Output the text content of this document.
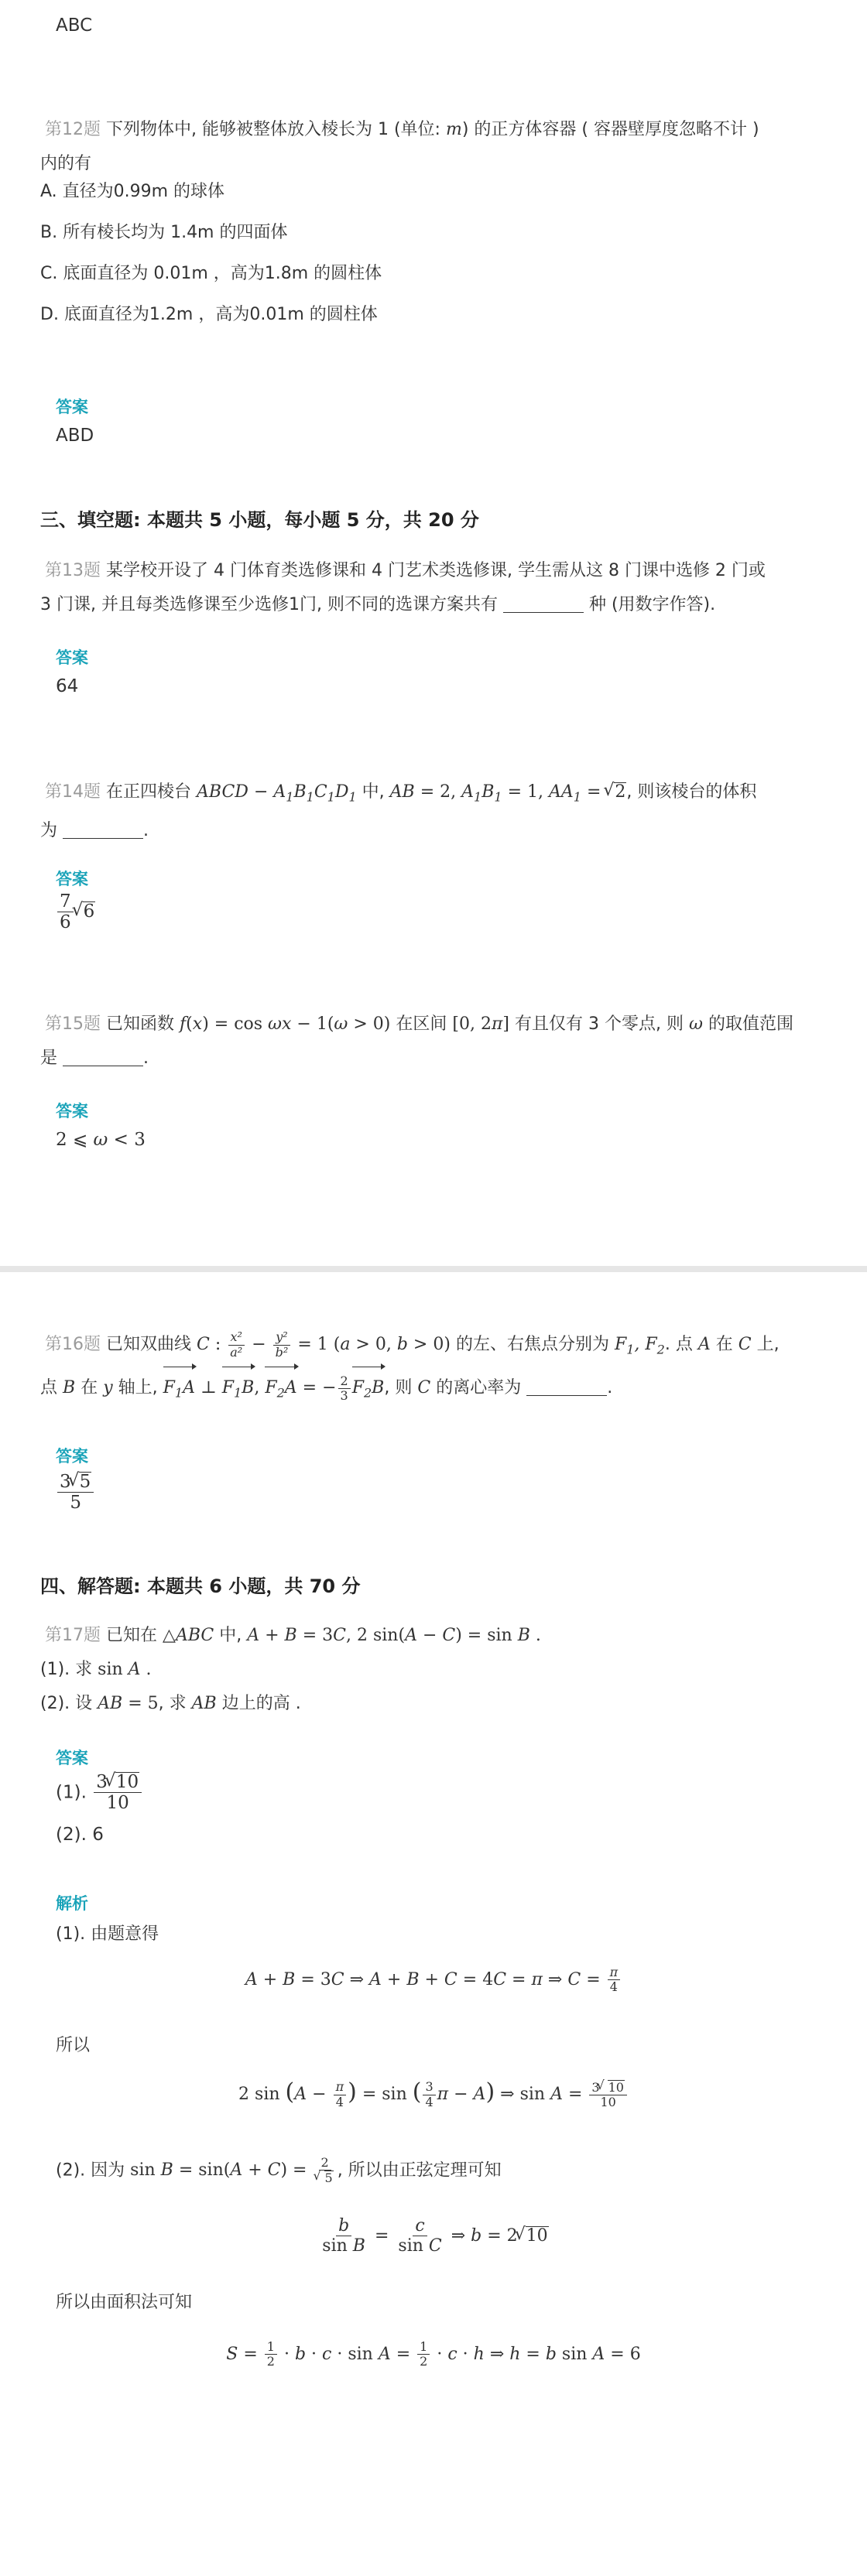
ABC
第12题 下列物体中, 能够被整体放入棱长为 1 (单位: m) 的正方体容器 ( 容器壁厚度忽略不计 )
内的有
A. 直径为0.99m 的球体
B. 所有棱长均为 1.4m 的四面体
C. 底面直径为 0.01m ，高为1.8m 的圆柱体
D. 底面直径为1.2m ，高为0.01m 的圆柱体
答案
ABD
三、填空题: 本题共 5 小题，每小题 5 分，共 20 分
第13题 某学校开设了 4 门体育类选修课和 4 门艺术类选修课, 学生需从这 8 门课中选修 2 门或
3 门课, 并且每类选修课至少选修1门, 则不同的选课方案共有	种 (用数字作答).
答案
64
第14题 在正四棱台 ABCD − $A_1B_1C_1D_1$ 中, AB = 2, $A_1B_1 = 1$, $AA_1$ = √ 2, 则该棱台的体积
为	.
答案
$\frac{7}{6}$ √ 6
第15题 已知函数 f(x) = cos ωx − 1(ω > 0) 在区间 [0, 2π] 有且仅有 3 个零点, 则 ω 的取值范围
是	.
答案
2 ⩽ ω < 3
第16题 已知双曲线 C : $\frac{\text{x²}}{\text{a²}} - \frac{\text{y²}}{\text{b²}} = 1$ (a > 0, b > 0) 的左、右焦点分别为 $F_1$, $F_2$. 点 A 在 C 上,
点 B 在 y 轴上, $F_1A$ ⊥ $F_1B$, $F_2A$ = − $\frac{2}{3} F_2B$, 则 C 的离心率为	.
答案
$\frac{3 √ 5}{5}$
四、解答题: 本题共 6 小题，共 70 分
第17题 已知在 △ABC 中, A + B = 3C, 2 sin(A − C) = sin B .
(1). 求 sin A .
(2). 设 AB = 5, 求 AB 边上的高 .
答案
(1). $\frac{3 √ 10}{10}$
(2). 6
解析
(1). 由题意得
A + B = 3C ⇒ A + B + C = 4C = π ⇒ $C = \frac{\pi}{4}$
所以
2 $\sin (A - \frac{\pi}{4}$ ) = sin ( $\frac{3}{4}$ π − A) ⇒ $\sin A = \frac{3 √ 10}{10}$
(2). 因为 sin B = sin(A + C) = 2
√ 5 , 所以由正弦定理可知
$\frac{b}{\text{sin B}} = \frac{c}{\text{sin C}}$ ⇒ b = 2 √ 10
所以由面积法可知
$S = \frac{1}{2} \cdot b \cdot c \cdot \sin A = \frac{1}{2} \cdot c \cdot h$ ⇒ h = b sin A = 6
